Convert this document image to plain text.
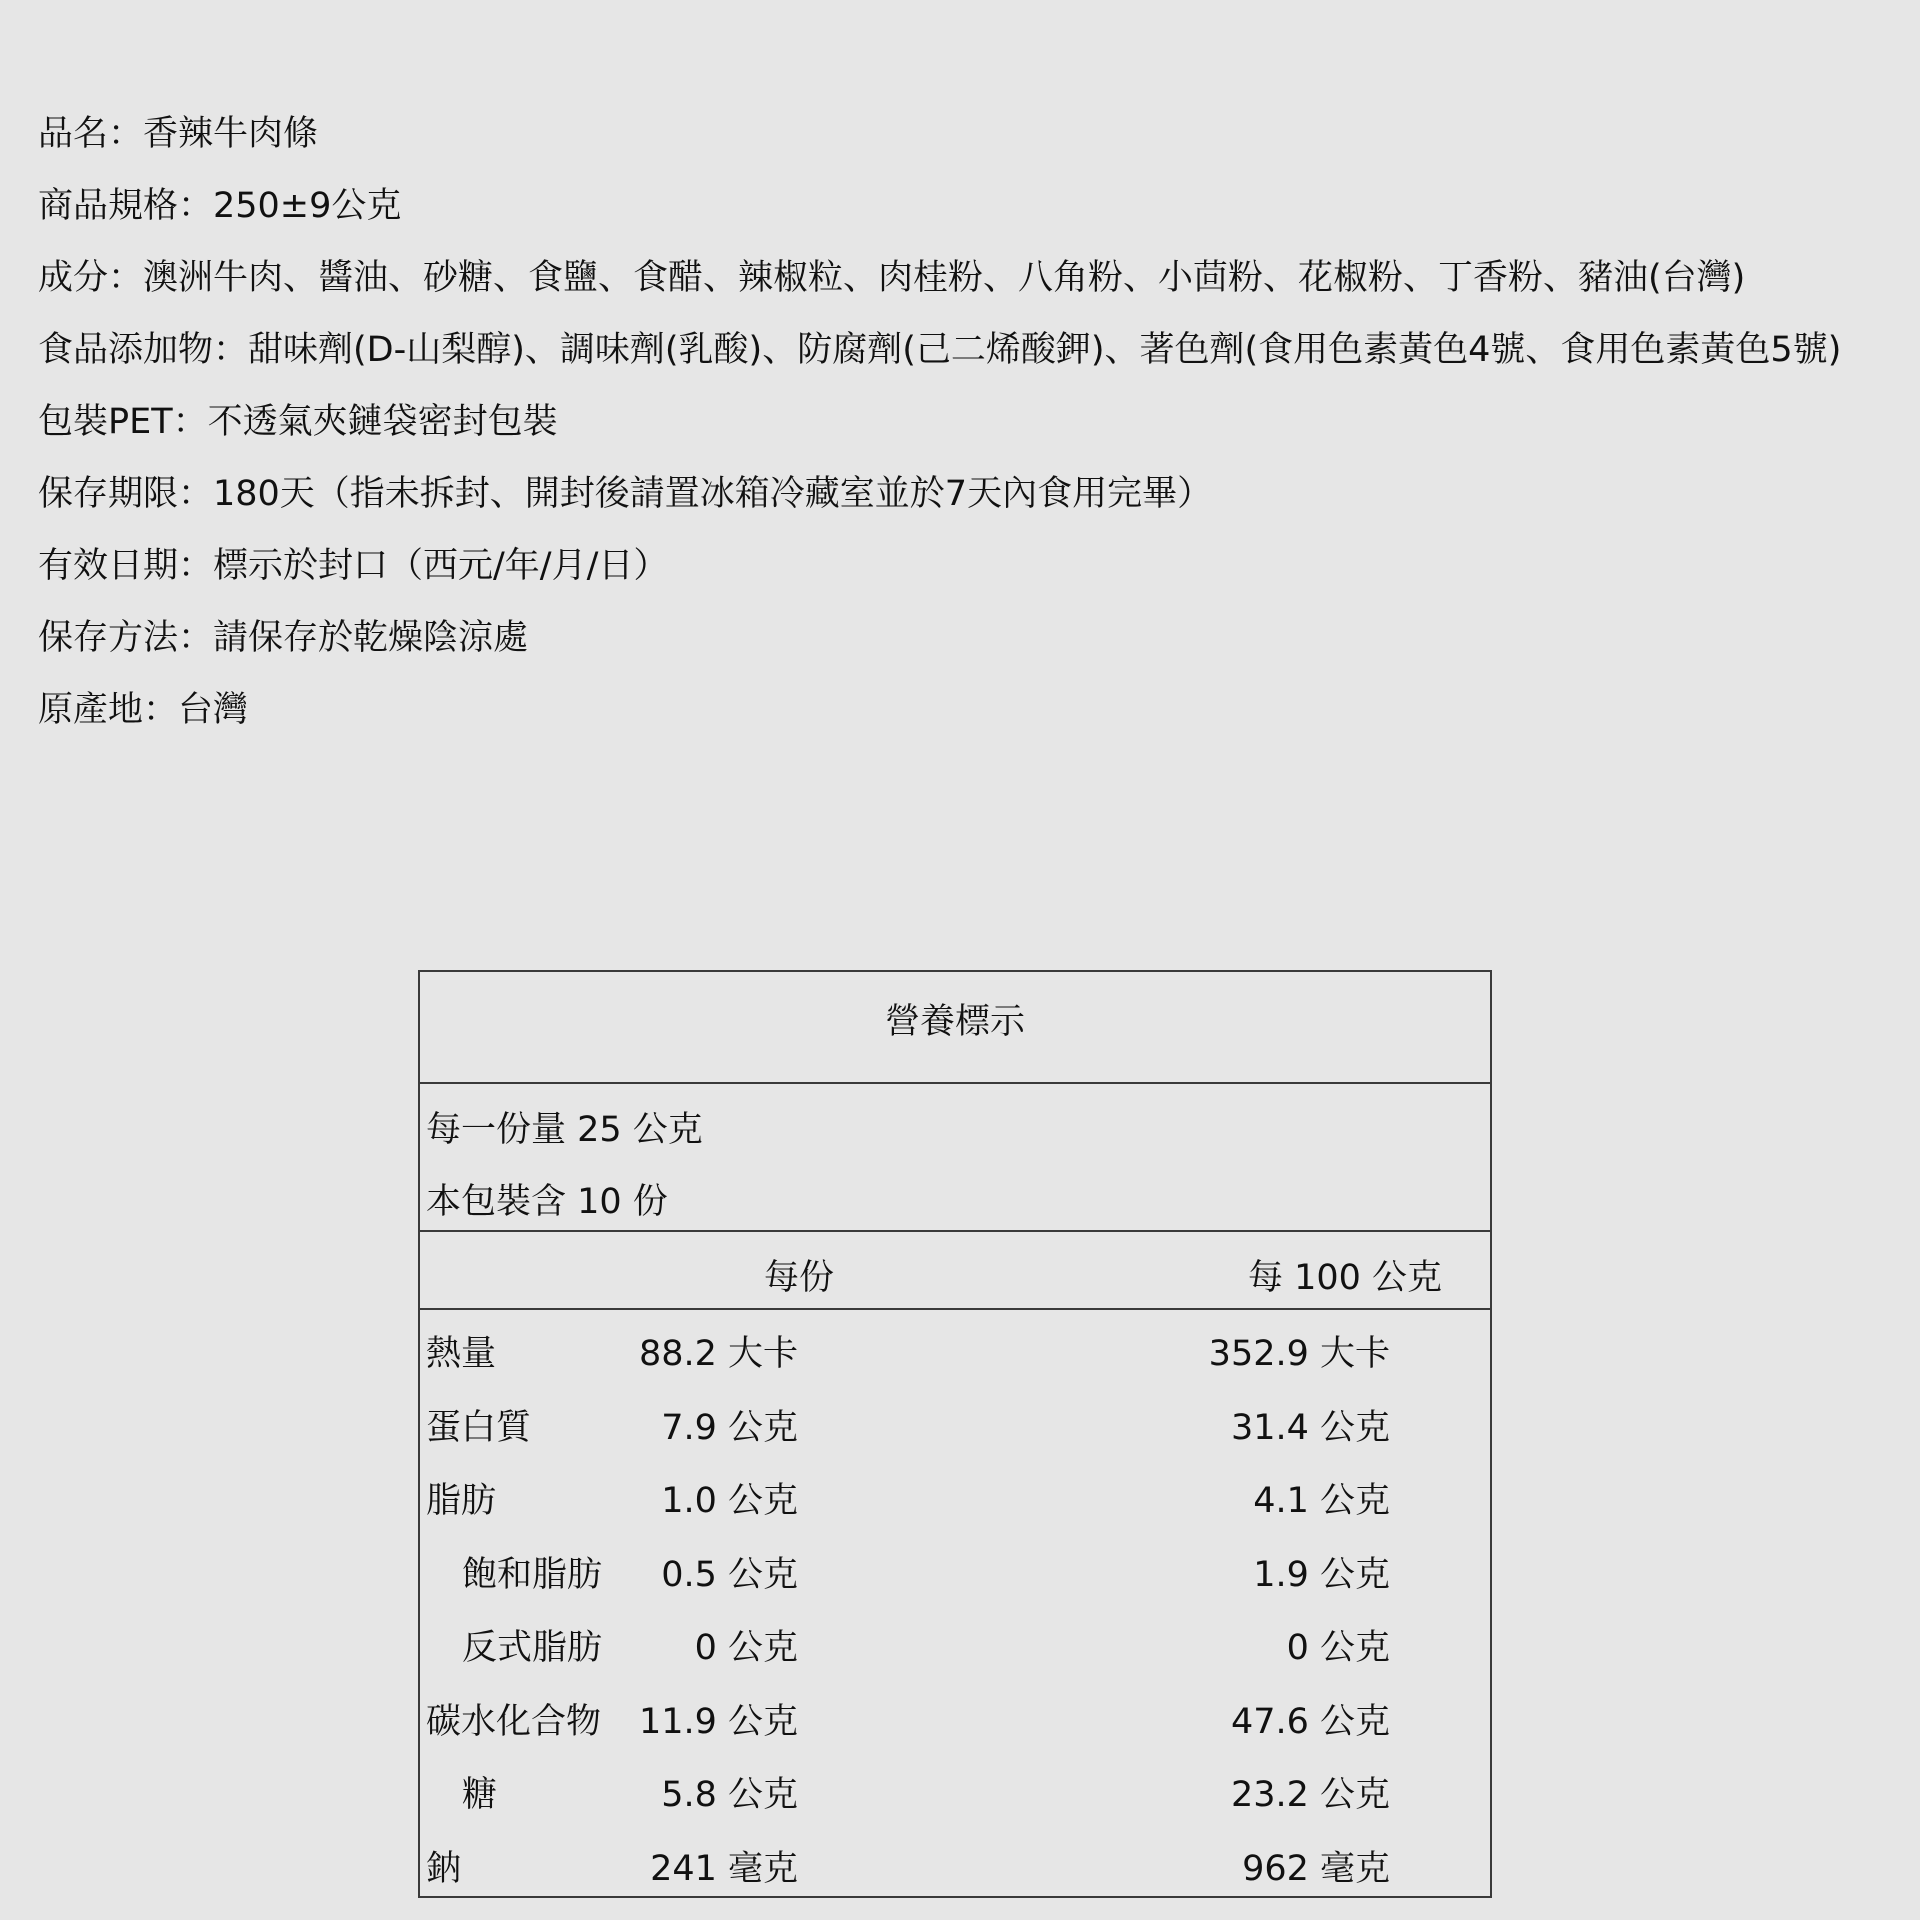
品名：香辣牛肉條
商品規格：250±9公克
成分：澳洲牛肉、醬油、砂糖、食鹽、食醋、辣椒粒、肉桂粉、八角粉、小茴粉、花椒粉、丁香粉、豬油(台灣)
食品添加物：甜味劑(D-山梨醇)、調味劑(乳酸)、防腐劑(己二烯酸鉀)、著色劑(食用色素黃色4號、食用色素黃色5號)
包裝PET：不透氣夾鏈袋密封包裝
保存期限：180天（指未拆封、開封後請置冰箱冷藏室並於7天內食用完畢）
有效日期：標示於封口（西元/年/月/日）
保存方法：請保存於乾燥陰涼處
原產地：台灣
營養標示
每一份量 25 公克
本包裝含 10 份
每份	每 100 公克
熱量	88.2 大卡	352.9 大卡
蛋白質	7.9 公克	31.4 公克
脂肪	1.0 公克	4.1 公克
飽和脂肪 0.5 公克	1.9 公克
反式脂肪	0 公克	0 公克
碳水化合物 11.9 公克	47.6 公克
糖	5.8 公克	23.2 公克
鈉	241 毫克	962 毫克
